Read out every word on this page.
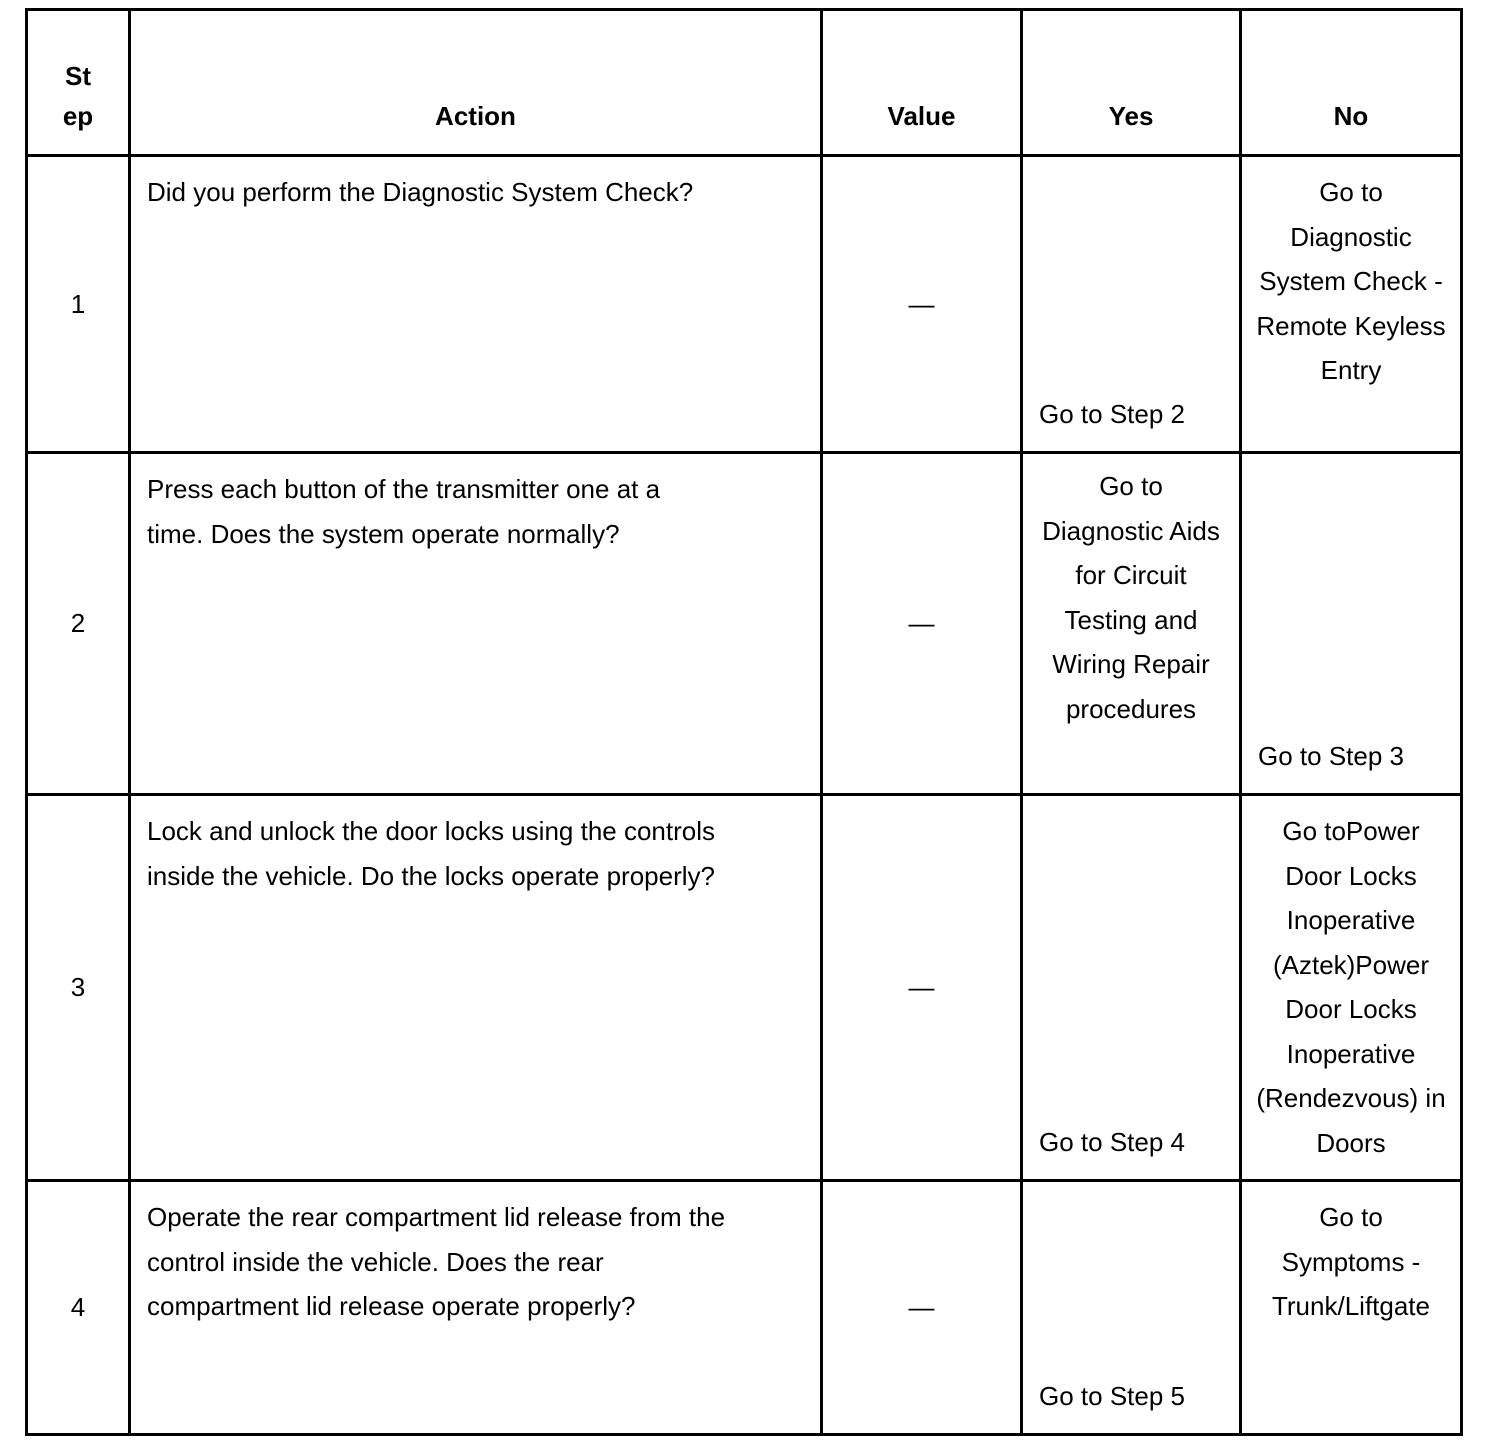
St ep	Action	Value	Yes	No

1	Did you perform the Diagnostic System Check?	—	Go to Step 2	Go to Diagnostic System Check - Remote Keyless Entry

2	Press each button of the transmitter one at a time. Does the system operate normally?	—	Go to Diagnostic Aids for Circuit Testing and Wiring Repair procedures	Go to Step 3

3	Lock and unlock the door locks using the controls inside the vehicle. Do the locks operate properly?	—	Go to Step 4	Go toPower Door Locks Inoperative (Aztek)Power Door Locks Inoperative (Rendezvous) in Doors

4	Operate the rear compartment lid release from the control inside the vehicle. Does the rear compartment lid release operate properly?	—	Go to Step 5	Go to Symptoms - Trunk/Liftgate
